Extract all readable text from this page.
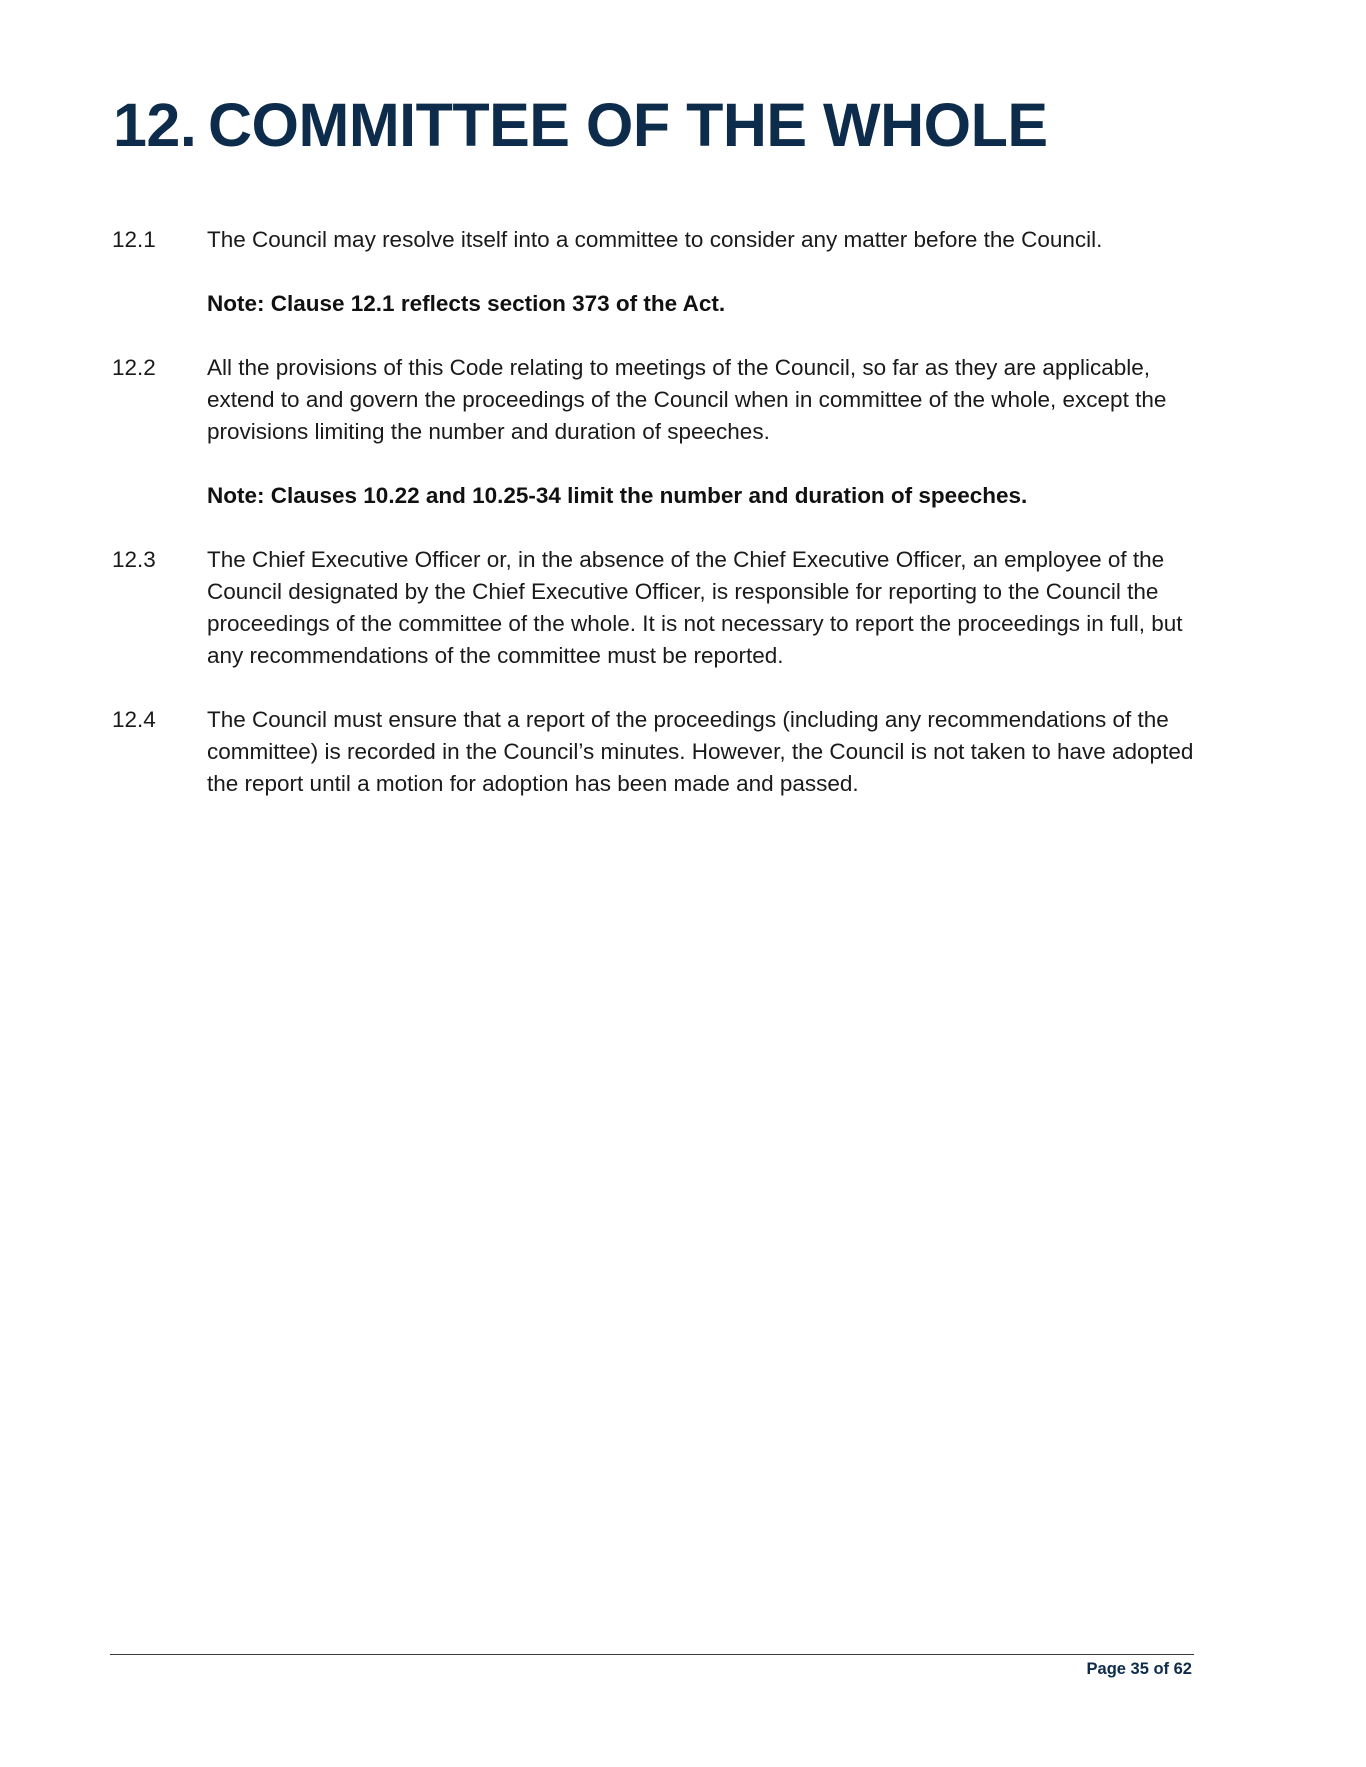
12. COMMITTEE OF THE WHOLE
12.1	The Council may resolve itself into a committee to consider any matter before the Council.

Note: Clause 12.1 reflects section 373 of the Act.

12.2	All the provisions of this Code relating to meetings of the Council, so far as they are applicable, extend to and govern the proceedings of the Council when in committee of the whole, except the provisions limiting the number and duration of speeches.

Note: Clauses 10.22 and 10.25-34 limit the number and duration of speeches.

12.3	The Chief Executive Officer or, in the absence of the Chief Executive Officer, an employee of the Council designated by the Chief Executive Officer, is responsible for reporting to the Council the proceedings of the committee of the whole. It is not necessary to report the proceedings in full, but any recommendations of the committee must be reported.

12.4	The Council must ensure that a report of the proceedings (including any recommendations of the committee) is recorded in the Council’s minutes. However, the Council is not taken to have adopted the report until a motion for adoption has been made and passed.

Page 35 of 62
